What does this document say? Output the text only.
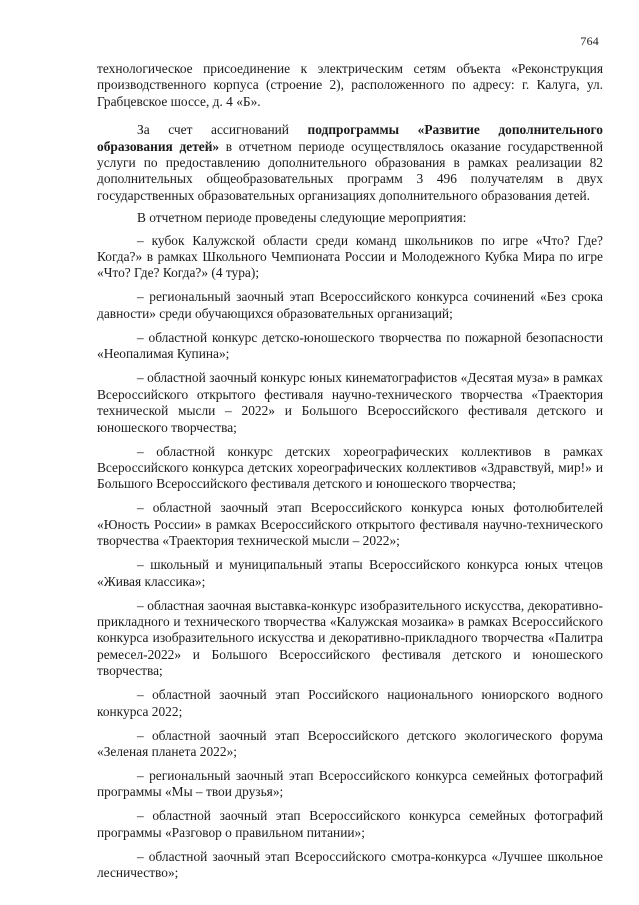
764

технологическое присоединение к электрическим сетям объекта «Реконструкция производственного корпуса (строение 2), расположенного по адресу: г. Калуга, ул. Грабцевское шоссе, д. 4 «Б».

За счет ассигнований подпрограммы «Развитие дополнительного образования детей» в отчетном периоде осуществлялось оказание государственной услуги по предоставлению дополнительного образования в рамках реализации 82 дополнительных общеобразовательных программ 3 496 получателям в двух государственных образовательных организациях дополнительного образования детей.

В отчетном периоде проведены следующие мероприятия:

– кубок Калужской области среди команд школьников по игре «Что? Где? Когда?» в рамках Школьного Чемпионата России и Молодежного Кубка Мира по игре «Что? Где? Когда?» (4 тура);

– региональный заочный этап Всероссийского конкурса сочинений «Без срока давности» среди обучающихся образовательных организаций;

– областной конкурс детско-юношеского творчества по пожарной безопасности «Неопалимая Купина»;

– областной заочный конкурс юных кинематографистов «Десятая муза» в рамках Всероссийского открытого фестиваля научно-технического творчества «Траектория технической мысли – 2022» и Большого Всероссийского фестиваля детского и юношеского творчества;

– областной конкурс детских хореографических коллективов в рамках Всероссийского конкурса детских хореографических коллективов «Здравствуй, мир!» и Большого Всероссийского фестиваля детского и юношеского творчества;

– областной заочный этап Всероссийского конкурса юных фотолюбителей «Юность России» в рамках Всероссийского открытого фестиваля научно-технического творчества «Траектория технической мысли – 2022»;

– школьный и муниципальный этапы Всероссийского конкурса юных чтецов «Живая классика»;

– областная заочная выставка-конкурс изобразительного искусства, декоративно-прикладного и технического творчества «Калужская мозаика» в рамках Всероссийского конкурса изобразительного искусства и декоративно-прикладного творчества «Палитра ремесел-2022» и Большого Всероссийского фестиваля детского и юношеского творчества;

– областной заочный этап Российского национального юниорского водного конкурса 2022;

– областной заочный этап Всероссийского детского экологического форума «Зеленая планета 2022»;

– региональный заочный этап Всероссийского конкурса семейных фотографий программы «Мы – твои друзья»;

– областной заочный этап Всероссийского конкурса семейных фотографий программы «Разговор о правильном питании»;

– областной заочный этап Всероссийского смотра-конкурса «Лучшее школьное лесничество»;
